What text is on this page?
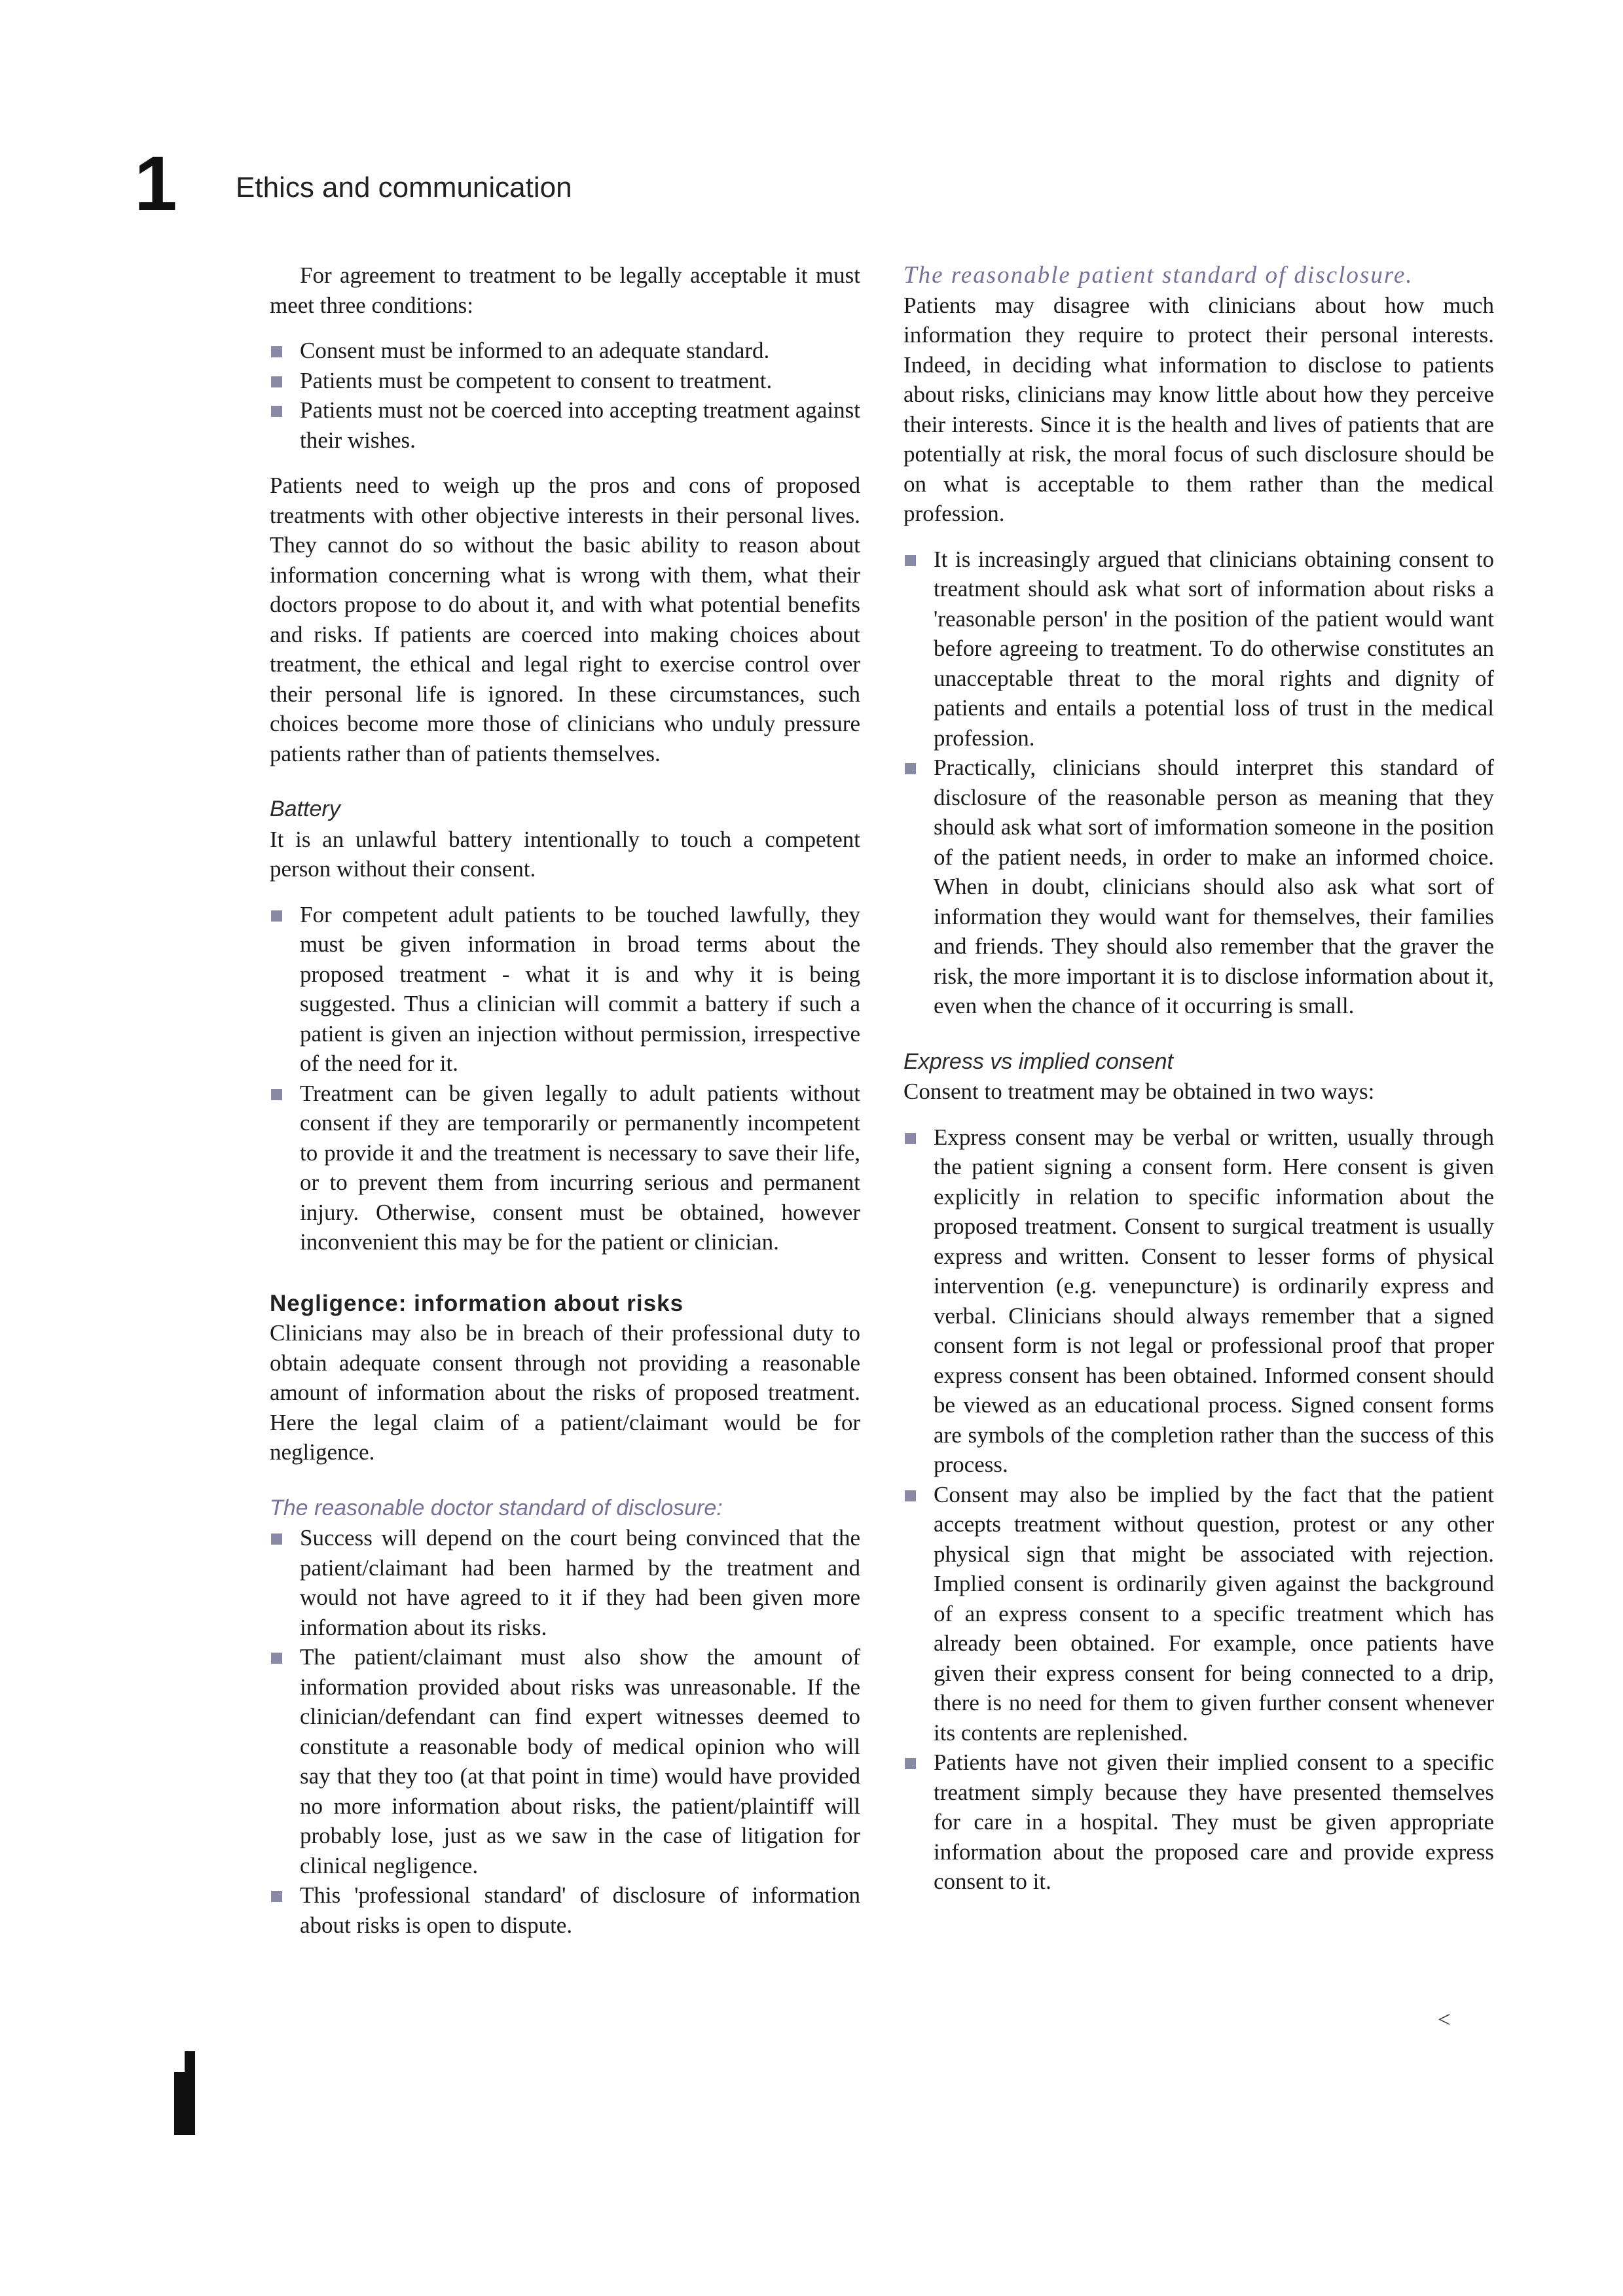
1 Ethics and communication

For agreement to treatment to be legally acceptable it must meet three conditions:

Consent must be informed to an adequate standard.
Patients must be competent to consent to treatment.
Patients must not be coerced into accepting treatment against their wishes.

Patients need to weigh up the pros and cons of proposed treatments with other objective interests in their personal lives. They cannot do so without the basic ability to reason about information concerning what is wrong with them, what their doctors propose to do about it, and with what potential benefits and risks. If patients are coerced into making choices about treatment, the ethical and legal right to exercise control over their personal life is ignored. In these circumstances, such choices become more those of clinicians who unduly pressure patients rather than of patients themselves.

Battery

It is an unlawful battery intentionally to touch a competent person without their consent.

For competent adult patients to be touched lawfully, they must be given information in broad terms about the proposed treatment - what it is and why it is being suggested. Thus a clinician will commit a battery if such a patient is given an injection without permission, irrespective of the need for it.
Treatment can be given legally to adult patients without consent if they are temporarily or permanently incompetent to provide it and the treatment is necessary to save their life, or to prevent them from incurring serious and permanent injury. Otherwise, consent must be obtained, however inconvenient this may be for the patient or clinician.
Negligence: information about risks

Clinicians may also be in breach of their professional duty to obtain adequate consent through not providing a reasonable amount of information about the risks of proposed treatment. Here the legal claim of a patient/claimant would be for negligence.

The reasonable doctor standard of disclosure:
Success will depend on the court being convinced that the patient/claimant had been harmed by the treatment and would not have agreed to it if they had been given more information about its risks.
The patient/claimant must also show the amount of information provided about risks was unreasonable. If the clinician/defendant can find expert witnesses deemed to constitute a reasonable body of medical opinion who will say that they too (at that point in time) would have provided no more information about risks, the patient/plaintiff will probably lose, just as we saw in the case of litigation for clinical negligence.
This 'professional standard' of disclosure of information about risks is open to dispute.
The reasonable patient standard of disclosure.

Patients may disagree with clinicians about how much information they require to protect their personal interests. Indeed, in deciding what information to disclose to patients about risks, clinicians may know little about how they perceive their interests. Since it is the health and lives of patients that are potentially at risk, the moral focus of such disclosure should be on what is acceptable to them rather than the medical profession.

It is increasingly argued that clinicians obtaining consent to treatment should ask what sort of information about risks a 'reasonable person' in the position of the patient would want before agreeing to treatment. To do otherwise constitutes an unacceptable threat to the moral rights and dignity of patients and entails a potential loss of trust in the medical profession.
Practically, clinicians should interpret this standard of disclosure of the reasonable person as meaning that they should ask what sort of imformation someone in the position of the patient needs, in order to make an informed choice. When in doubt, clinicians should also ask what sort of information they would want for themselves, their families and friends. They should also remember that the graver the risk, the more important it is to disclose information about it, even when the chance of it occurring is small.
Express vs implied consent

Consent to treatment may be obtained in two ways:

Express consent may be verbal or written, usually through the patient signing a consent form. Here consent is given explicitly in relation to specific information about the proposed treatment. Consent to surgical treatment is usually express and written. Consent to lesser forms of physical intervention (e.g. venepuncture) is ordinarily express and verbal. Clinicians should always remember that a signed consent form is not legal or professional proof that proper express consent has been obtained. Informed consent should be viewed as an educational process. Signed consent forms are symbols of the completion rather than the success of this process.
Consent may also be implied by the fact that the patient accepts treatment without question, protest or any other physical sign that might be associated with rejection. Implied consent is ordinarily given against the background of an express consent to a specific treatment which has already been obtained. For example, once patients have given their express consent for being connected to a drip, there is no need for them to given further consent whenever its contents are replenished.
Patients have not given their implied consent to a specific treatment simply because they have presented themselves for care in a hospital. They must be given appropriate information about the proposed care and provide express consent to it.
<
